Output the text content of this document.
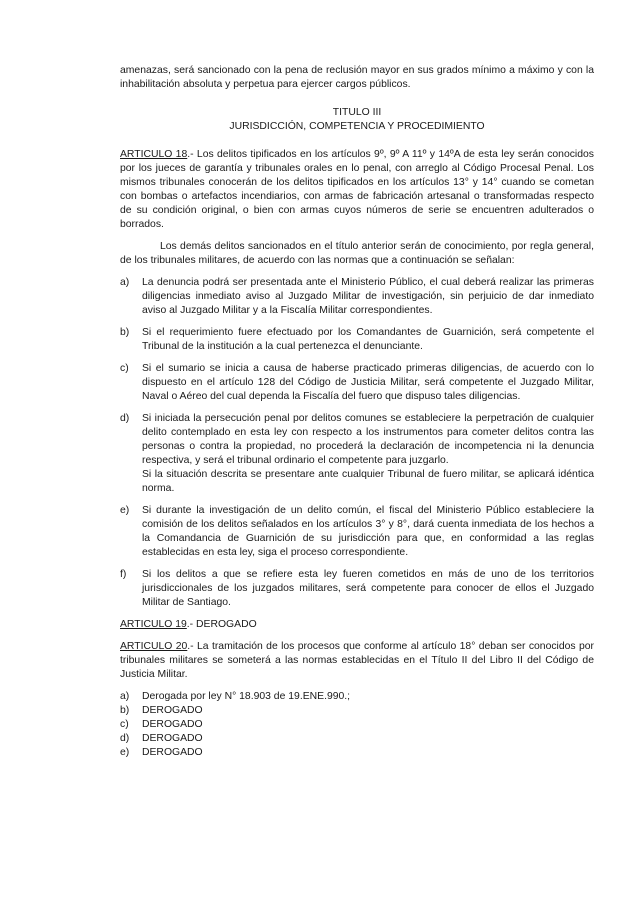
amenazas, será sancionado con la pena de reclusión mayor en sus grados mínimo a máximo y con la inhabilitación absoluta y perpetua para ejercer cargos públicos.

TITULO III

JURISDICCIÓN, COMPETENCIA Y PROCEDIMIENTO

ARTICULO 18.- Los delitos tipificados en los artículos 9º, 9º A 11º y 14ºA de esta ley serán conocidos por los jueces de garantía y tribunales orales en lo penal, con arreglo al Código Procesal Penal. Los mismos tribunales conocerán de los delitos tipificados en los artículos 13° y 14° cuando se cometan con bombas o artefactos incendiarios, con armas de fabricación artesanal o transformadas respecto de su condición original, o bien con armas cuyos números de serie se encuentren adulterados o borrados.

Los demás delitos sancionados en el título anterior serán de conocimiento, por regla general, de los tribunales militares, de acuerdo con las normas que a continuación se señalan:

a) La denuncia podrá ser presentada ante el Ministerio Público, el cual deberá realizar las primeras diligencias inmediato aviso al Juzgado Militar de investigación, sin perjuicio de dar inmediato aviso al Juzgado Militar y a la Fiscalía Militar correspondientes.
b) Si el requerimiento fuere efectuado por los Comandantes de Guarnición, será competente el Tribunal de la institución a la cual pertenezca el denunciante.
c) Si el sumario se inicia a causa de haberse practicado primeras diligencias, de acuerdo con lo dispuesto en el artículo 128 del Código de Justicia Militar, será competente el Juzgado Militar, Naval o Aéreo del cual dependa la Fiscalía del fuero que dispuso tales diligencias.
d) Si iniciada la persecución penal por delitos comunes se estableciere la perpetración de cualquier delito contemplado en esta ley con respecto a los instrumentos para cometer delitos contra las personas o contra la propiedad, no procederá la declaración de incompetencia ni la denuncia respectiva, y será el tribunal ordinario el competente para juzgarlo.
Si la situación descrita se presentare ante cualquier Tribunal de fuero militar, se aplicará idéntica norma.
e) Si durante la investigación de un delito común, el fiscal del Ministerio Público estableciere la comisión de los delitos señalados en los artículos 3° y 8°, dará cuenta inmediata de los hechos a la Comandancia de Guarnición de su jurisdicción para que, en conformidad a las reglas establecidas en esta ley, siga el proceso correspondiente.
f) Si los delitos a que se refiere esta ley fueren cometidos en más de uno de los territorios jurisdiccionales de los juzgados militares, será competente para conocer de ellos el Juzgado Militar de Santiago.

ARTICULO 19.- DEROGADO

ARTICULO 20.- La tramitación de los procesos que conforme al artículo 18° deban ser conocidos por tribunales militares se someterá a las normas establecidas en el Título II del Libro II del Código de Justicia Militar.

a) Derogada por ley N° 18.903 de 19.ENE.990.;
b) DEROGADO
c) DEROGADO
d) DEROGADO
e) DEROGADO
